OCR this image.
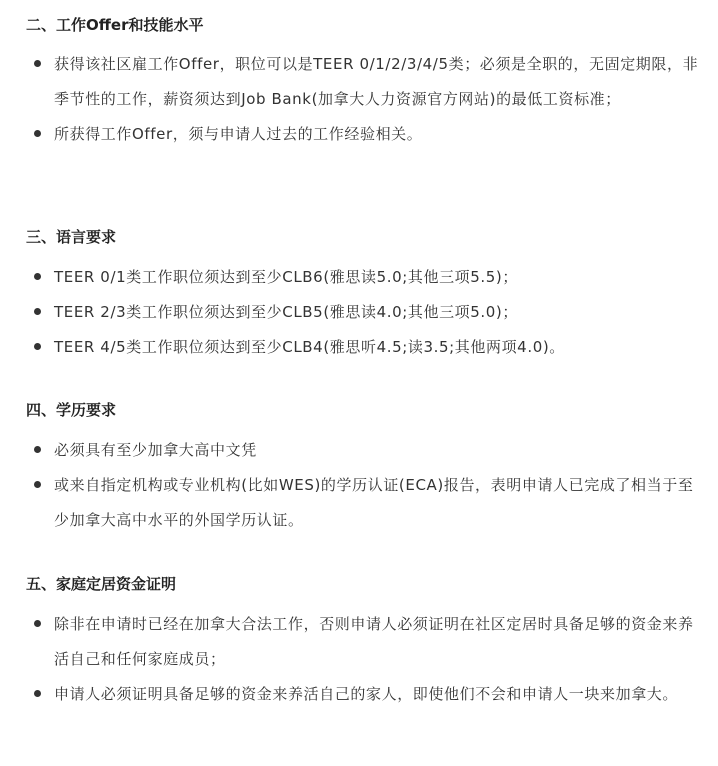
二、工作Offer和技能水平
获得该社区雇工作Offer，职位可以是TEER 0/1/2/3/4/5类；必须是全职的，无固定期限，非季节性的工作，薪资须达到Job Bank(加拿大人力资源官方网站)的最低工资标准；
所获得工作Offer，须与申请人过去的工作经验相关。
三、语言要求
TEER 0/1类工作职位须达到至少CLB6(雅思读5.0;其他三项5.5)；
TEER 2/3类工作职位须达到至少CLB5(雅思读4.0;其他三项5.0)；
TEER 4/5类工作职位须达到至少CLB4(雅思听4.5;读3.5;其他两项4.0)。
四、学历要求
必须具有至少加拿大高中文凭
或来自指定机构或专业机构(比如WES)的学历认证(ECA)报告，表明申请人已完成了相当于至少加拿大高中水平的外国学历认证。
五、家庭定居资金证明
除非在申请时已经在加拿大合法工作，否则申请人必须证明在社区定居时具备足够的资金来养活自己和任何家庭成员；
申请人必须证明具备足够的资金来养活自己的家人，即使他们不会和申请人一块来加拿大。
